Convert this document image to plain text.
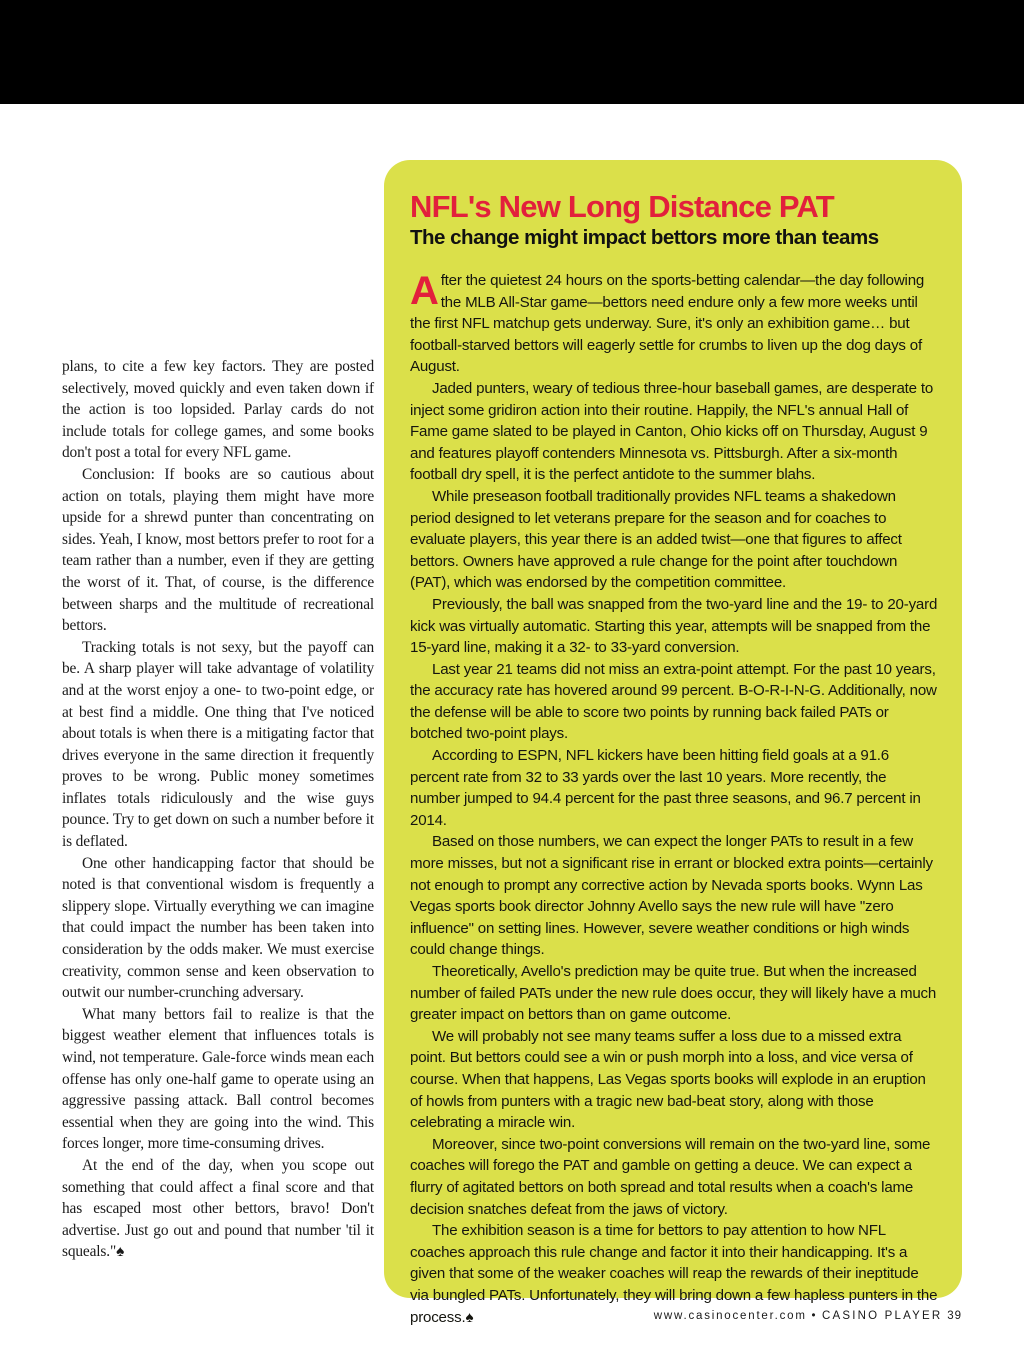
plans, to cite a few key factors. They are posted selectively, moved quickly and even taken down if the action is too lopsided. Parlay cards do not include totals for college games, and some books don't post a total for every NFL game.

Conclusion: If books are so cautious about action on totals, playing them might have more upside for a shrewd punter than concentrating on sides. Yeah, I know, most bettors prefer to root for a team rather than a number, even if they are getting the worst of it. That, of course, is the difference between sharps and the multitude of recreational bettors.

Tracking totals is not sexy, but the payoff can be. A sharp player will take advantage of volatility and at the worst enjoy a one- to two-point edge, or at best find a middle. One thing that I've noticed about totals is when there is a mitigating factor that drives everyone in the same direction it frequently proves to be wrong. Public money sometimes inflates totals ridiculously and the wise guys pounce. Try to get down on such a number before it is deflated.

One other handicapping factor that should be noted is that conventional wisdom is frequently a slippery slope. Virtually everything we can imagine that could impact the number has been taken into consideration by the odds maker. We must exercise creativity, common sense and keen observation to outwit our number-crunching adversary.

What many bettors fail to realize is that the biggest weather element that influences totals is wind, not temperature. Gale-force winds mean each offense has only one-half game to operate using an aggressive passing attack. Ball control becomes essential when they are going into the wind. This forces longer, more time-consuming drives.

At the end of the day, when you scope out something that could affect a final score and that has escaped most other bettors, bravo! Don't advertise. Just go out and pound that number 'til it squeals."♠

NFL's New Long Distance PAT
The change might impact bettors more than teams

After the quietest 24 hours on the sports-betting calendar—the day following the MLB All-Star game—bettors need endure only a few more weeks until the first NFL matchup gets underway. Sure, it's only an exhibition game… but football-starved bettors will eagerly settle for crumbs to liven up the dog days of August.

Jaded punters, weary of tedious three-hour baseball games, are desperate to inject some gridiron action into their routine. Happily, the NFL's annual Hall of Fame game slated to be played in Canton, Ohio kicks off on Thursday, August 9 and features playoff contenders Minnesota vs. Pittsburgh. After a six-month football dry spell, it is the perfect antidote to the summer blahs.

While preseason football traditionally provides NFL teams a shakedown period designed to let veterans prepare for the season and for coaches to evaluate players, this year there is an added twist—one that figures to affect bettors. Owners have approved a rule change for the point after touchdown (PAT), which was endorsed by the competition committee.

Previously, the ball was snapped from the two-yard line and the 19- to 20-yard kick was virtually automatic. Starting this year, attempts will be snapped from the 15-yard line, making it a 32- to 33-yard conversion.

Last year 21 teams did not miss an extra-point attempt. For the past 10 years, the accuracy rate has hovered around 99 percent. B-O-R-I-N-G. Additionally, now the defense will be able to score two points by running back failed PATs or botched two-point plays.

According to ESPN, NFL kickers have been hitting field goals at a 91.6 percent rate from 32 to 33 yards over the last 10 years. More recently, the number jumped to 94.4 percent for the past three seasons, and 96.7 percent in 2014.

Based on those numbers, we can expect the longer PATs to result in a few more misses, but not a significant rise in errant or blocked extra points—certainly not enough to prompt any corrective action by Nevada sports books. Wynn Las Vegas sports book director Johnny Avello says the new rule will have "zero influence" on setting lines. However, severe weather conditions or high winds could change things.

Theoretically, Avello's prediction may be quite true. But when the increased number of failed PATs under the new rule does occur, they will likely have a much greater impact on bettors than on game outcome.

We will probably not see many teams suffer a loss due to a missed extra point. But bettors could see a win or push morph into a loss, and vice versa of course. When that happens, Las Vegas sports books will explode in an eruption of howls from punters with a tragic new bad-beat story, along with those celebrating a miracle win.

Moreover, since two-point conversions will remain on the two-yard line, some coaches will forego the PAT and gamble on getting a deuce. We can expect a flurry of agitated bettors on both spread and total results when a coach's lame decision snatches defeat from the jaws of victory.

The exhibition season is a time for bettors to pay attention to how NFL coaches approach this rule change and factor it into their handicapping. It's a given that some of the weaker coaches will reap the rewards of their ineptitude via bungled PATs. Unfortunately, they will bring down a few hapless punters in the process.♠	www.casinocenter.com • CASINO PLAYER 39
